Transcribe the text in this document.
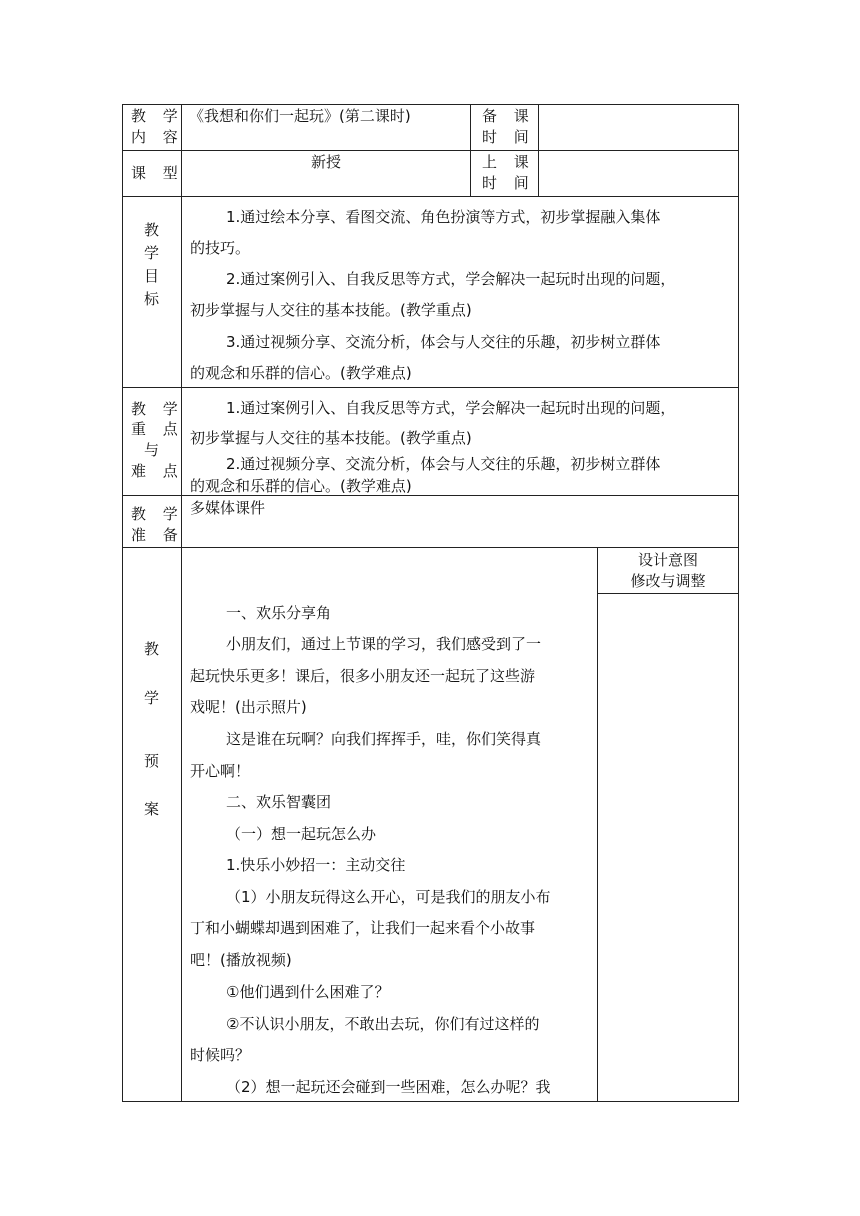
教 学
内 容
《我想和你们一起玩》(第二课时)	备 课
时 间
课 型
新授	上 课
时 间
教
学
目
标
1.通过绘本分享、看图交流、角色扮演等方式，初步掌握融入集体
的技巧。
2.通过案例引入、自我反思等方式，学会解决一起玩时出现的问题，
初步掌握与人交往的基本技能。(教学重点)
3.通过视频分享、交流分析，体会与人交往的乐趣，初步树立群体
的观念和乐群的信心。(教学难点)
教 学
重 点
与
难 点
1.通过案例引入、自我反思等方式，学会解决一起玩时出现的问题，
初步掌握与人交往的基本技能。(教学重点)
2.通过视频分享、交流分析，体会与人交往的乐趣，初步树立群体
的观念和乐群的信心。(教学难点)
教 学
准 备
多媒体课件
教
学
预
案
设计意图
修改与调整
一、欢乐分享角
小朋友们，通过上节课的学习，我们感受到了一
起玩快乐更多！课后，很多小朋友还一起玩了这些游
戏呢！(出示照片)
这是谁在玩啊？向我们挥挥手，哇，你们笑得真
开心啊！
二、欢乐智囊团
（一）想一起玩怎么办
1.快乐小妙招一：主动交往
（1）小朋友玩得这么开心，可是我们的朋友小布
丁和小蝴蝶却遇到困难了，让我们一起来看个小故事
吧！(播放视频)
①他们遇到什么困难了？
②不认识小朋友，不敢出去玩，你们有过这样的
时候吗？
（2）想一起玩还会碰到一些困难，怎么办呢？我
